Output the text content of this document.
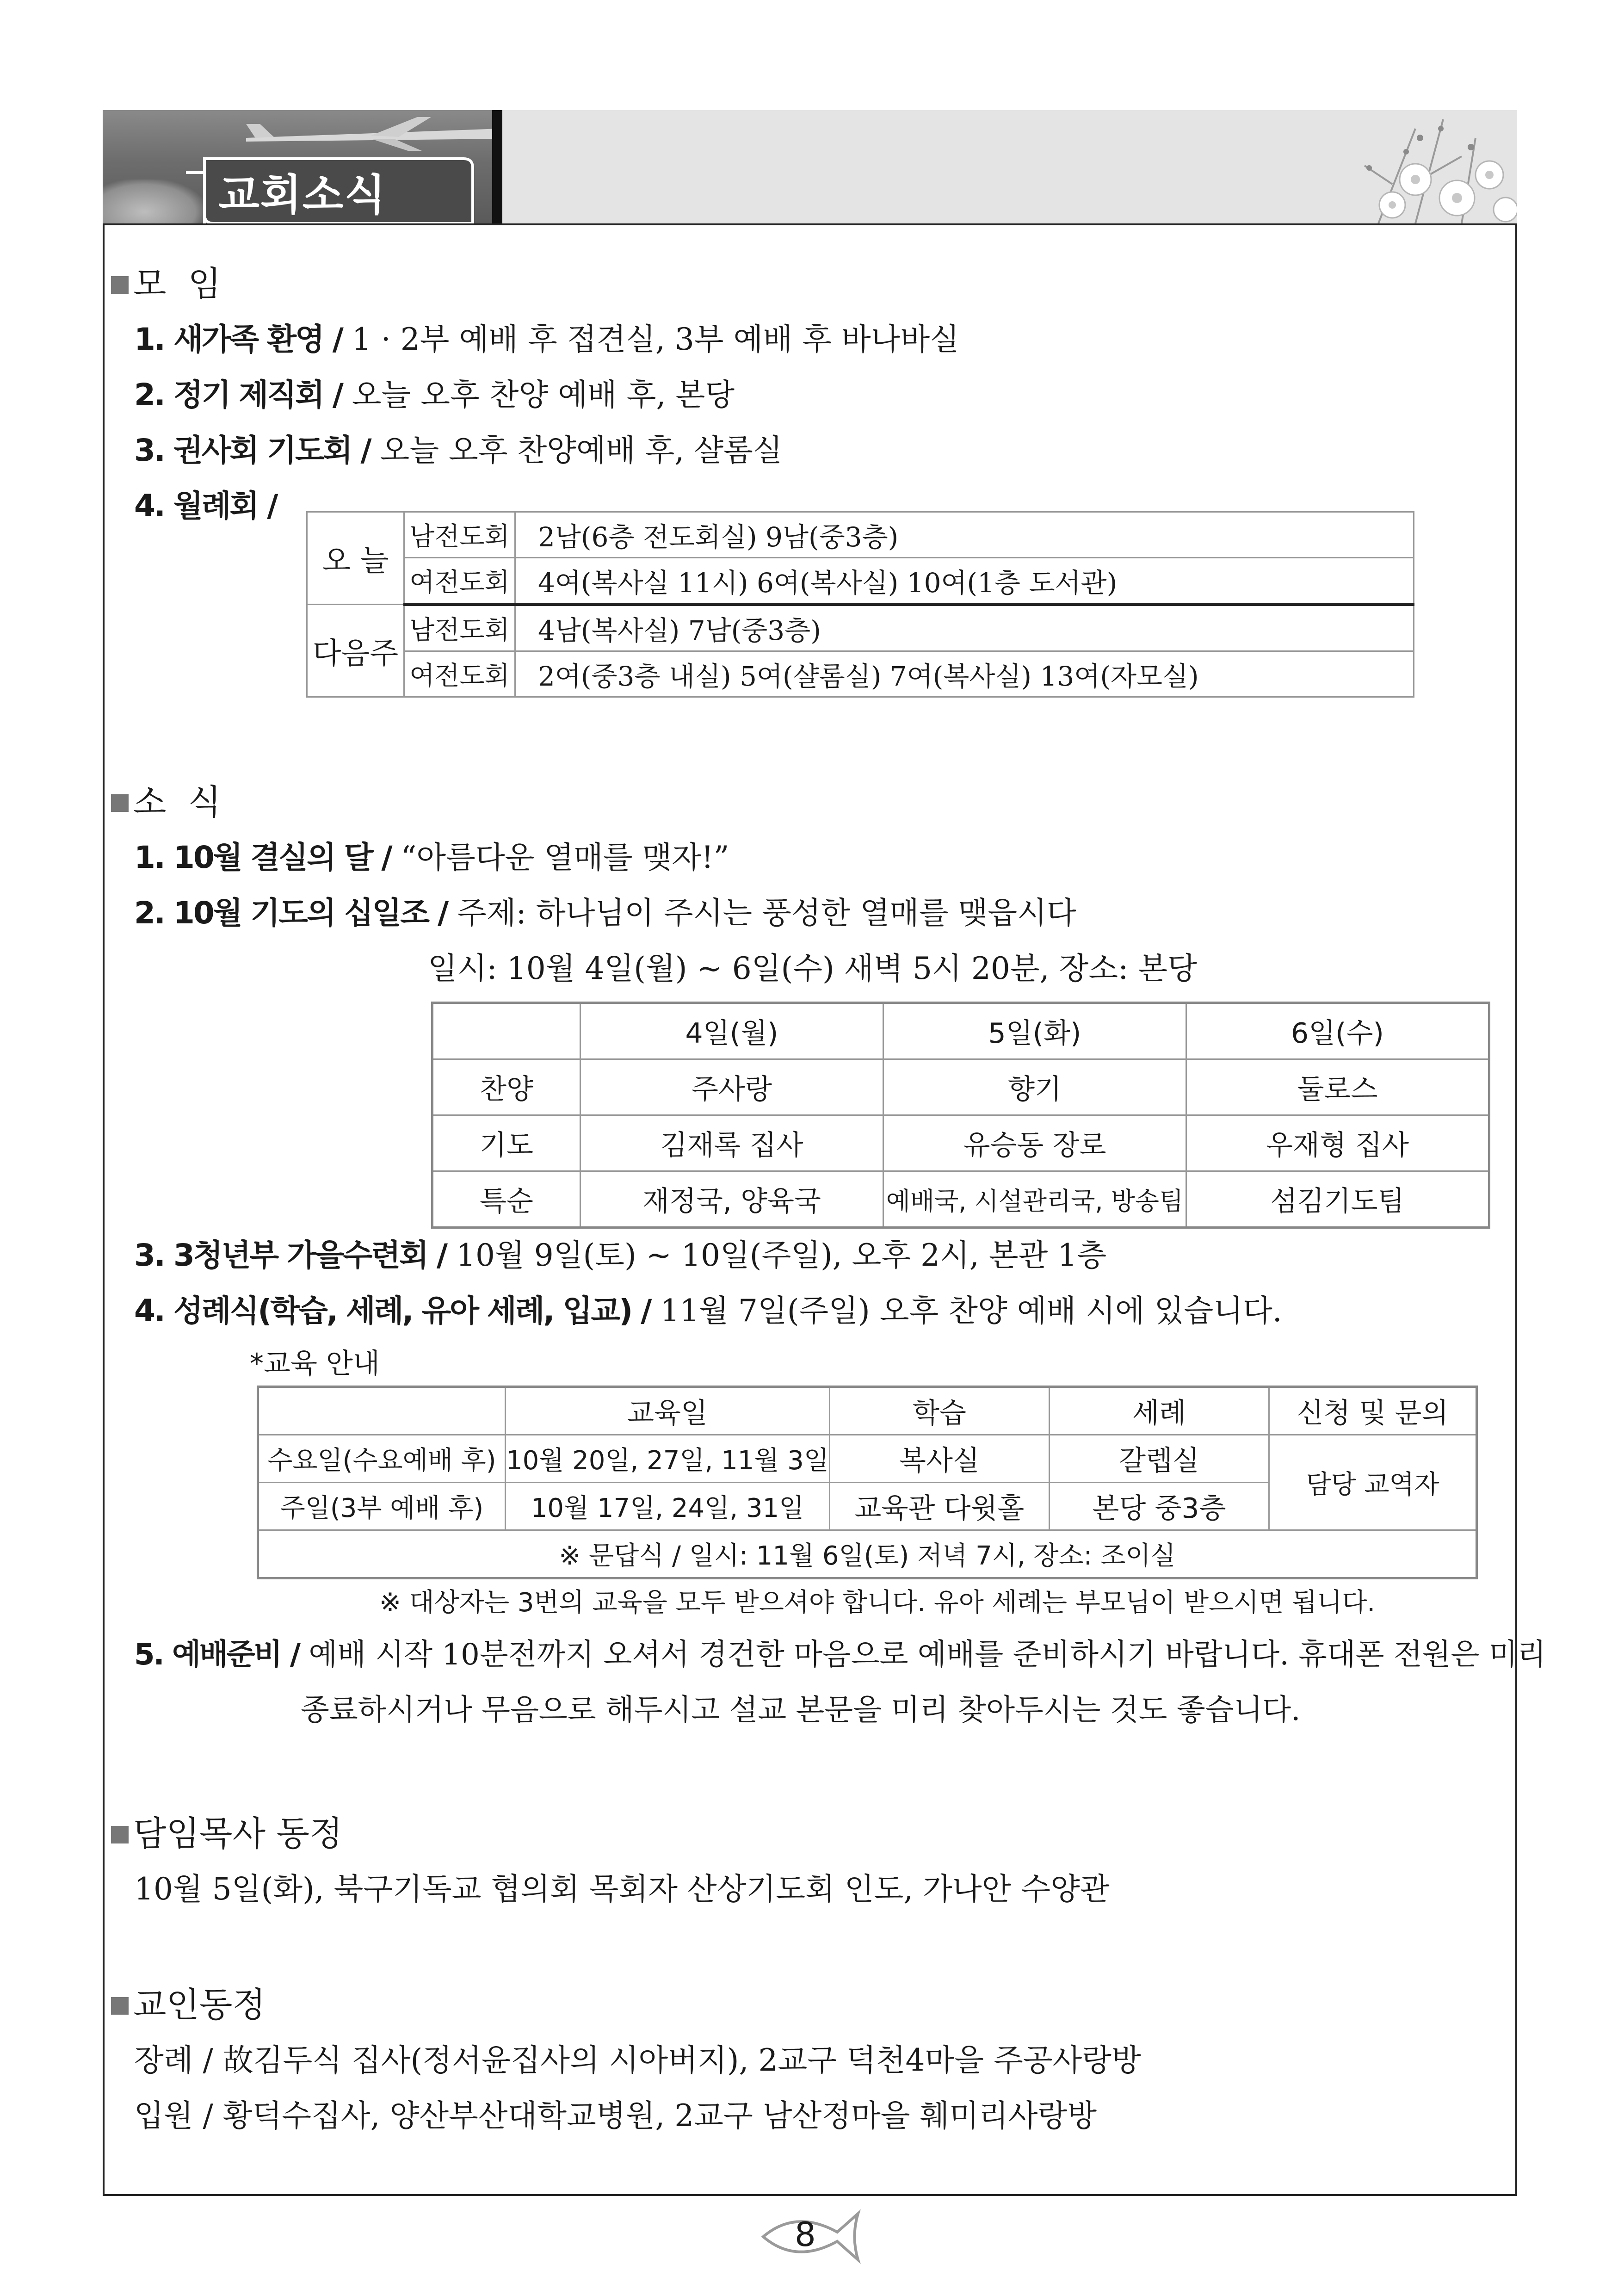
교회소식
모  임
1. 새가족 환영 / 1 · 2부 예배 후 접견실, 3부 예배 후 바나바실
2. 정기 제직회 / 오늘 오후 찬양 예배 후, 본당
3. 권사회 기도회 / 오늘 오후 찬양예배 후, 샬롬실
4. 월례회 /
오 늘	남전도회	2남(6층 전도회실) 9남(중3층)
	여전도회	4여(복사실 11시) 6여(복사실) 10여(1층 도서관)
다음주	남전도회	4남(복사실) 7남(중3층)
	여전도회	2여(중3층 내실) 5여(샬롬실) 7여(복사실) 13여(자모실)
소  식
1. 10월 결실의 달 / “아름다운 열매를 맺자!”
2. 10월 기도의 십일조 / 주제: 하나님이 주시는 풍성한 열매를 맺읍시다
일시: 10월 4일(월) ~ 6일(수) 새벽 5시 20분, 장소: 본당
	4일(월)	5일(화)	6일(수)
찬양	주사랑	향기	둘로스
기도	김재록 집사	유승동 장로	우재형 집사
특순	재정국, 양육국	예배국, 시설관리국, 방송팀	섬김기도팀
3. 3청년부 가을수련회 / 10월 9일(토) ~ 10일(주일), 오후 2시, 본관 1층
4. 성례식(학습, 세례, 유아 세례, 입교) / 11월 7일(주일) 오후 찬양 예배 시에 있습니다.
*교육 안내
	교육일	학습	세례	신청 및 문의
수요일(수요예배 후)	10월 20일, 27일, 11월 3일	복사실	갈렙실	담당 교역자
주일(3부 예배 후)	10월 17일, 24일, 31일	교육관 다윗홀	본당 중3층	
※ 문답식 / 일시: 11월 6일(토) 저녁 7시, 장소: 조이실				
※ 대상자는 3번의 교육을 모두 받으셔야 합니다. 유아 세례는 부모님이 받으시면 됩니다.
5. 예배준비 / 예배 시작 10분전까지 오셔서 경건한 마음으로 예배를 준비하시기 바랍니다. 휴대폰 전원은 미리
종료하시거나 무음으로 해두시고 설교 본문을 미리 찾아두시는 것도 좋습니다.
담임목사 동정
10월 5일(화), 북구기독교 협의회 목회자 산상기도회 인도, 가나안 수양관
교인동정
장례 / 故김두식 집사(정서윤집사의 시아버지), 2교구 덕천4마을 주공사랑방
입원 / 황덕수집사, 양산부산대학교병원, 2교구 남산정마을 훼미리사랑방
8
